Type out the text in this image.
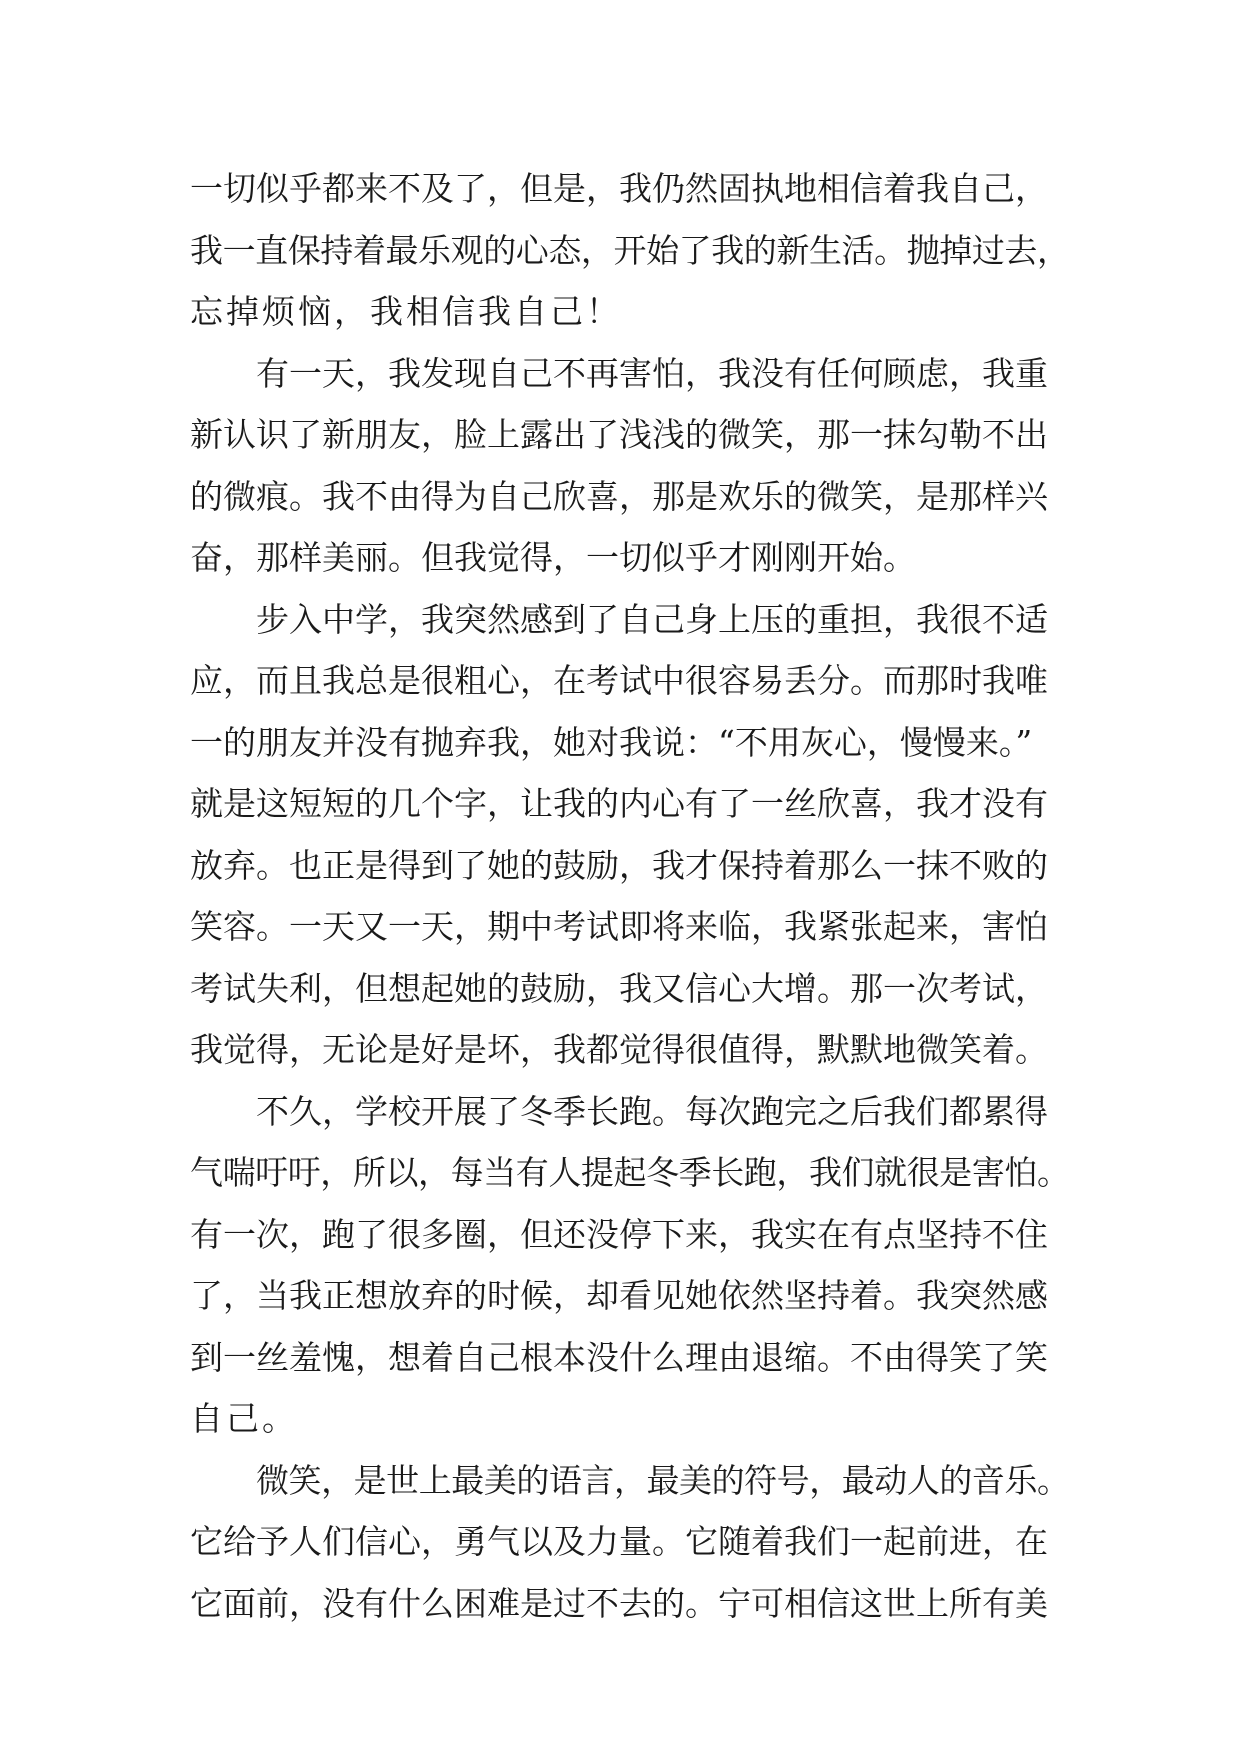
一切似乎都来不及了，但是，我仍然固执地相信着我自己，
我一直保持着最乐观的心态，开始了我的新生活。抛掉过去，
忘掉烦恼，我相信我自己！
有一天，我发现自己不再害怕，我没有任何顾虑，我重
新认识了新朋友，脸上露出了浅浅的微笑，那一抹勾勒不出
的微痕。我不由得为自己欣喜，那是欢乐的微笑，是那样兴
奋，那样美丽。但我觉得，一切似乎才刚刚开始。
步入中学，我突然感到了自己身上压的重担，我很不适
应，而且我总是很粗心，在考试中很容易丢分。而那时我唯
一的朋友并没有抛弃我，她对我说：“不用灰心，慢慢来。”
就是这短短的几个字，让我的内心有了一丝欣喜，我才没有
放弃。也正是得到了她的鼓励，我才保持着那么一抹不败的
笑容。一天又一天，期中考试即将来临，我紧张起来，害怕
考试失利，但想起她的鼓励，我又信心大增。那一次考试，
我觉得，无论是好是坏，我都觉得很值得，默默地微笑着。
不久，学校开展了冬季长跑。每次跑完之后我们都累得
气喘吁吁，所以，每当有人提起冬季长跑，我们就很是害怕。
有一次，跑了很多圈，但还没停下来，我实在有点坚持不住
了，当我正想放弃的时候，却看见她依然坚持着。我突然感
到一丝羞愧，想着自己根本没什么理由退缩。不由得笑了笑
自己。
微笑，是世上最美的语言，最美的符号，最动人的音乐。
它给予人们信心，勇气以及力量。它随着我们一起前进，在
它面前，没有什么困难是过不去的。宁可相信这世上所有美
